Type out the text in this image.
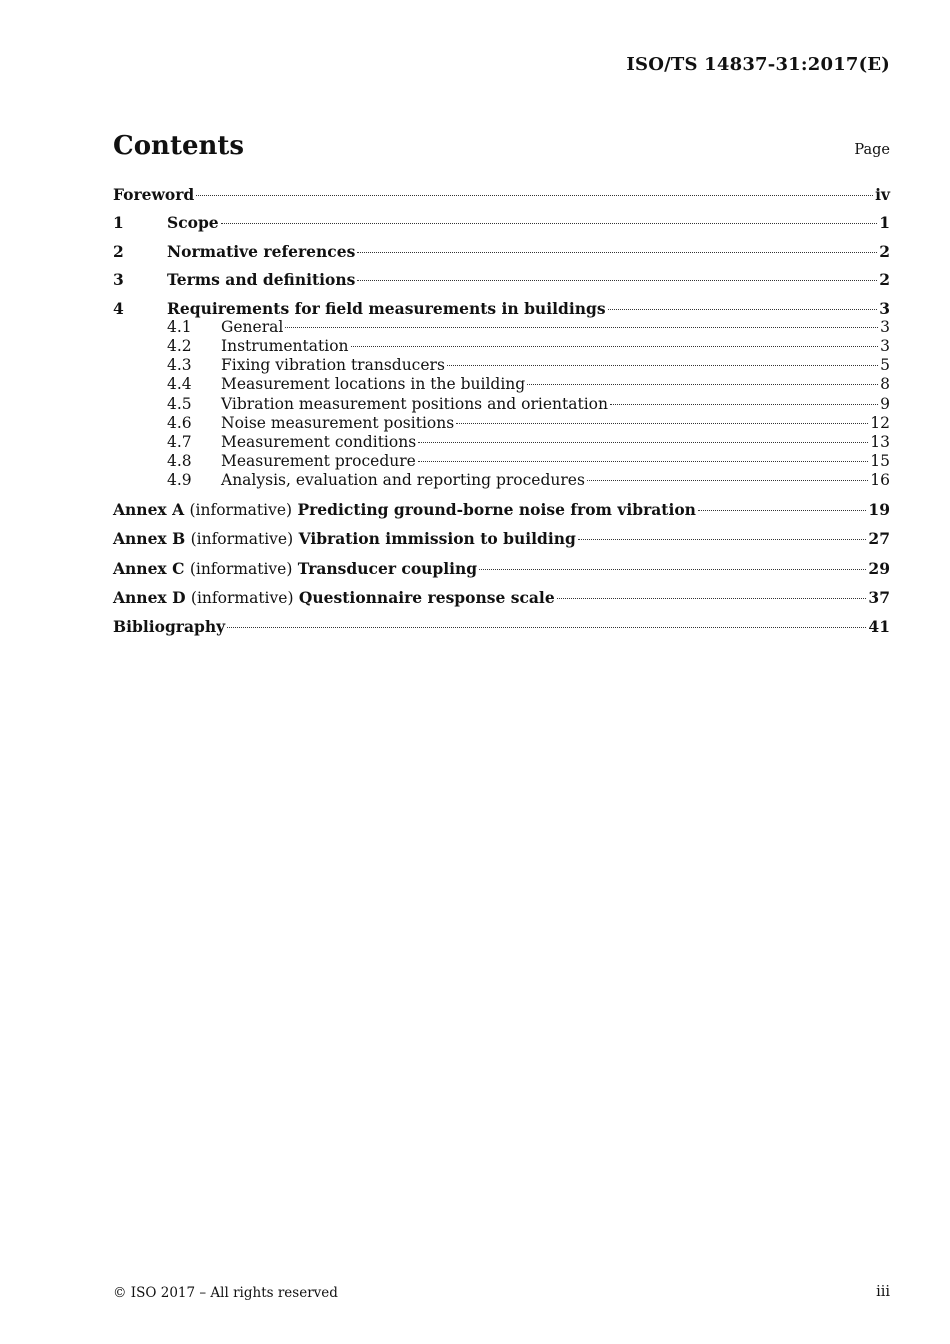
ISO/TS 14837-31:2017(E)
Contents	Page
Foreword	iv
1	Scope	1
2	Normative references	2
3	Terms and definitions	2
4	Requirements for field measurements in buildings	3
4.1	General	3
4.2	Instrumentation	3
4.3	Fixing vibration transducers	5
4.4	Measurement locations in the building	8
4.5	Vibration measurement positions and orientation	9
4.6	Noise measurement positions	12
4.7	Measurement conditions	13
4.8	Measurement procedure	15
4.9	Analysis, evaluation and reporting procedures	16
Annex A (informative) Predicting ground-borne noise from vibration	19
Annex B (informative) Vibration immission to building	27
Annex C (informative) Transducer coupling	29
Annex D (informative) Questionnaire response scale	37
Bibliography	41
© ISO 2017 – All rights reserved	iii
